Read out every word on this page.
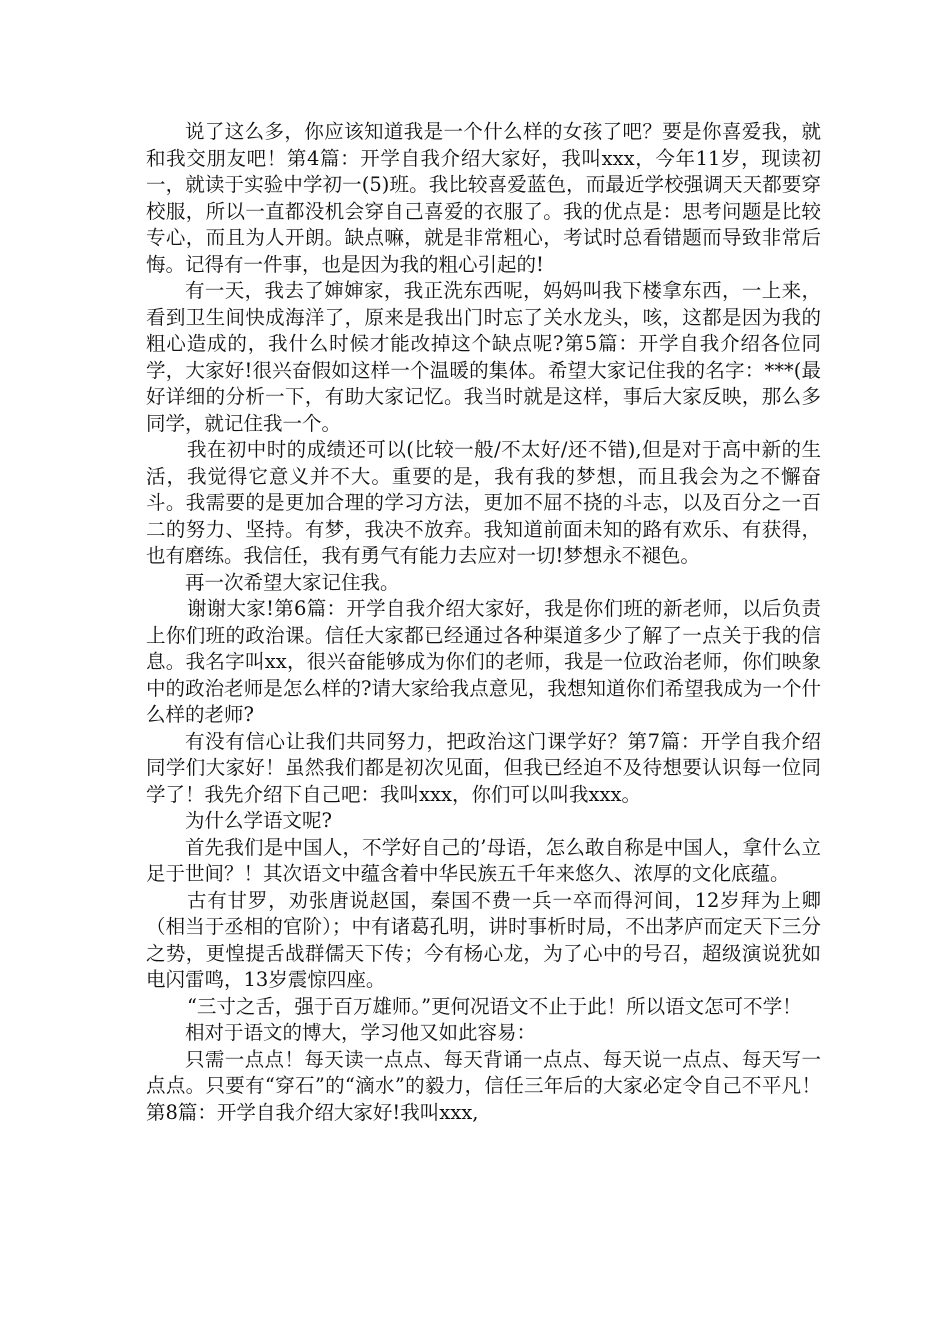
说了这么多，你应该知道我是一个什么样的女孩了吧？要是你喜爱我，就和我交朋友吧！第4篇：开学自我介绍大家好，我叫xxx，今年11岁，现读初一，就读于实验中学初一(5)班。我比较喜爱蓝色，而最近学校强调天天都要穿校服，所以一直都没机会穿自己喜爱的衣服了。我的优点是：思考问题是比较专心，而且为人开朗。缺点嘛，就是非常粗心，考试时总看错题而导致非常后悔。记得有一件事，也是因为我的粗心引起的!

有一天，我去了婶婶家，我正洗东西呢，妈妈叫我下楼拿东西，一上来，看到卫生间快成海洋了，原来是我出门时忘了关水龙头，咳，这都是因为我的粗心造成的，我什么时候才能改掉这个缺点呢?第5篇：开学自我介绍各位同学，大家好!很兴奋假如这样一个温暖的集体。希望大家记住我的名字：***(最好详细的分析一下，有助大家记忆。我当时就是这样，事后大家反映，那么多同学，就记住我一个。

我在初中时的成绩还可以(比较一般/不太好/还不错),但是对于高中新的生活，我觉得它意义并不大。重要的是，我有我的梦想，而且我会为之不懈奋斗。我需要的是更加合理的学习方法，更加不屈不挠的斗志，以及百分之一百二的努力、坚持。有梦，我决不放弃。我知道前面未知的路有欢乐、有获得，也有磨练。我信任，我有勇气有能力去应对一切!梦想永不褪色。

再一次希望大家记住我。

谢谢大家!第6篇：开学自我介绍大家好，我是你们班的新老师，以后负责上你们班的政治课。信任大家都已经通过各种渠道多少了解了一点关于我的信息。我名字叫xx，很兴奋能够成为你们的老师，我是一位政治老师，你们映象中的政治老师是怎么样的?请大家给我点意见，我想知道你们希望我成为一个什么样的老师?

有没有信心让我们共同努力，把政治这门课学好？第7篇：开学自我介绍同学们大家好！虽然我们都是初次见面，但我已经迫不及待想要认识每一位同学了！我先介绍下自己吧：我叫xxx，你们可以叫我xxx。

为什么学语文呢?

首先我们是中国人，不学好自己的’母语，怎么敢自称是中国人，拿什么立足于世间？！其次语文中蕴含着中华民族五千年来悠久、浓厚的文化底蕴。

古有甘罗，劝张唐说赵国，秦国不费一兵一卒而得河间，12岁拜为上卿（相当于丞相的官阶）；中有诸葛孔明，讲时事析时局，不出茅庐而定天下三分之势，更惶提舌战群儒天下传；今有杨心龙，为了心中的号召，超级演说犹如电闪雷鸣，13岁震惊四座。

“三寸之舌，强于百万雄师。”更何况语文不止于此！所以语文怎可不学！

相对于语文的博大，学习他又如此容易：

只需一点点！每天读一点点、每天背诵一点点、每天说一点点、每天写一点点。只要有“穿石”的“滴水”的毅力，信任三年后的大家必定令自己不平凡！第8篇：开学自我介绍大家好!我叫xxx,
